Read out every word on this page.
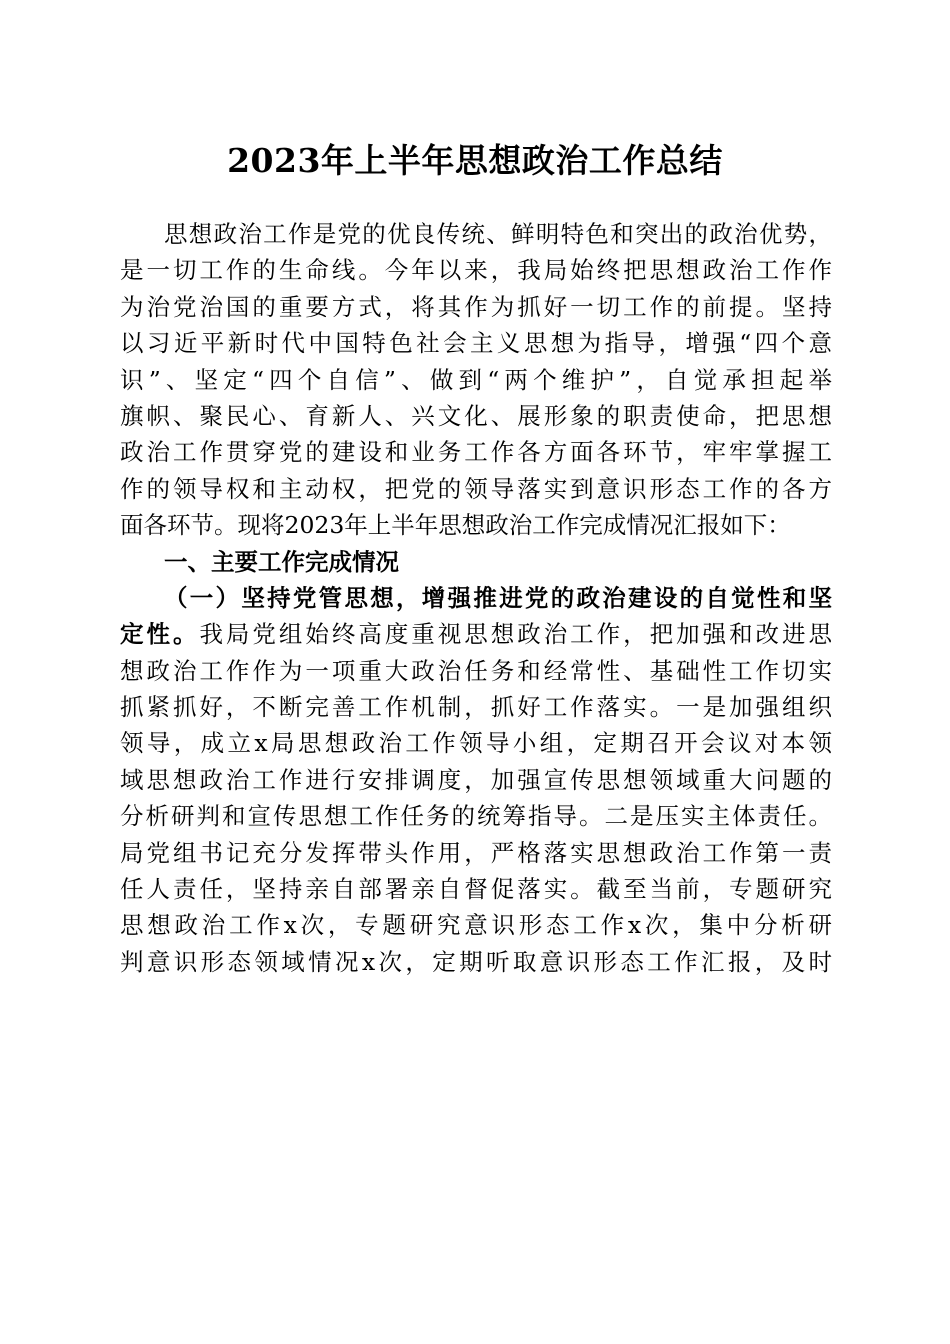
2023年上半年思想政治工作总结
思想政治工作是党的优良传统、鲜明特色和突出的政治优势，
是一切工作的生命线。今年以来，我局始终把思想政治工作作
为治党治国的重要方式，将其作为抓好一切工作的前提。坚持
以习近平新时代中国特色社会主义思想为指导，增强“四个意
识”、坚定“四个自信”、做到“两个维护”，自觉承担起举
旗帜、聚民心、育新人、兴文化、展形象的职责使命，把思想
政治工作贯穿党的建设和业务工作各方面各环节，牢牢掌握工
作的领导权和主动权，把党的领导落实到意识形态工作的各方
面各环节。现将2023年上半年思想政治工作完成情况汇报如下：
一、主要工作完成情况
（一）坚持党管思想，增强推进党的政治建设的自觉性和坚
定性。我局党组始终高度重视思想政治工作，把加强和改进思
想政治工作作为一项重大政治任务和经常性、基础性工作切实
抓紧抓好，不断完善工作机制，抓好工作落实。一是加强组织
领导，成立x局思想政治工作领导小组，定期召开会议对本领
域思想政治工作进行安排调度，加强宣传思想领域重大问题的
分析研判和宣传思想工作任务的统筹指导。二是压实主体责任。
局党组书记充分发挥带头作用，严格落实思想政治工作第一责
任人责任，坚持亲自部署亲自督促落实。截至当前，专题研究
思想政治工作x次，专题研究意识形态工作x次，集中分析研
判意识形态领域情况x次，定期听取意识形态工作汇报，及时
